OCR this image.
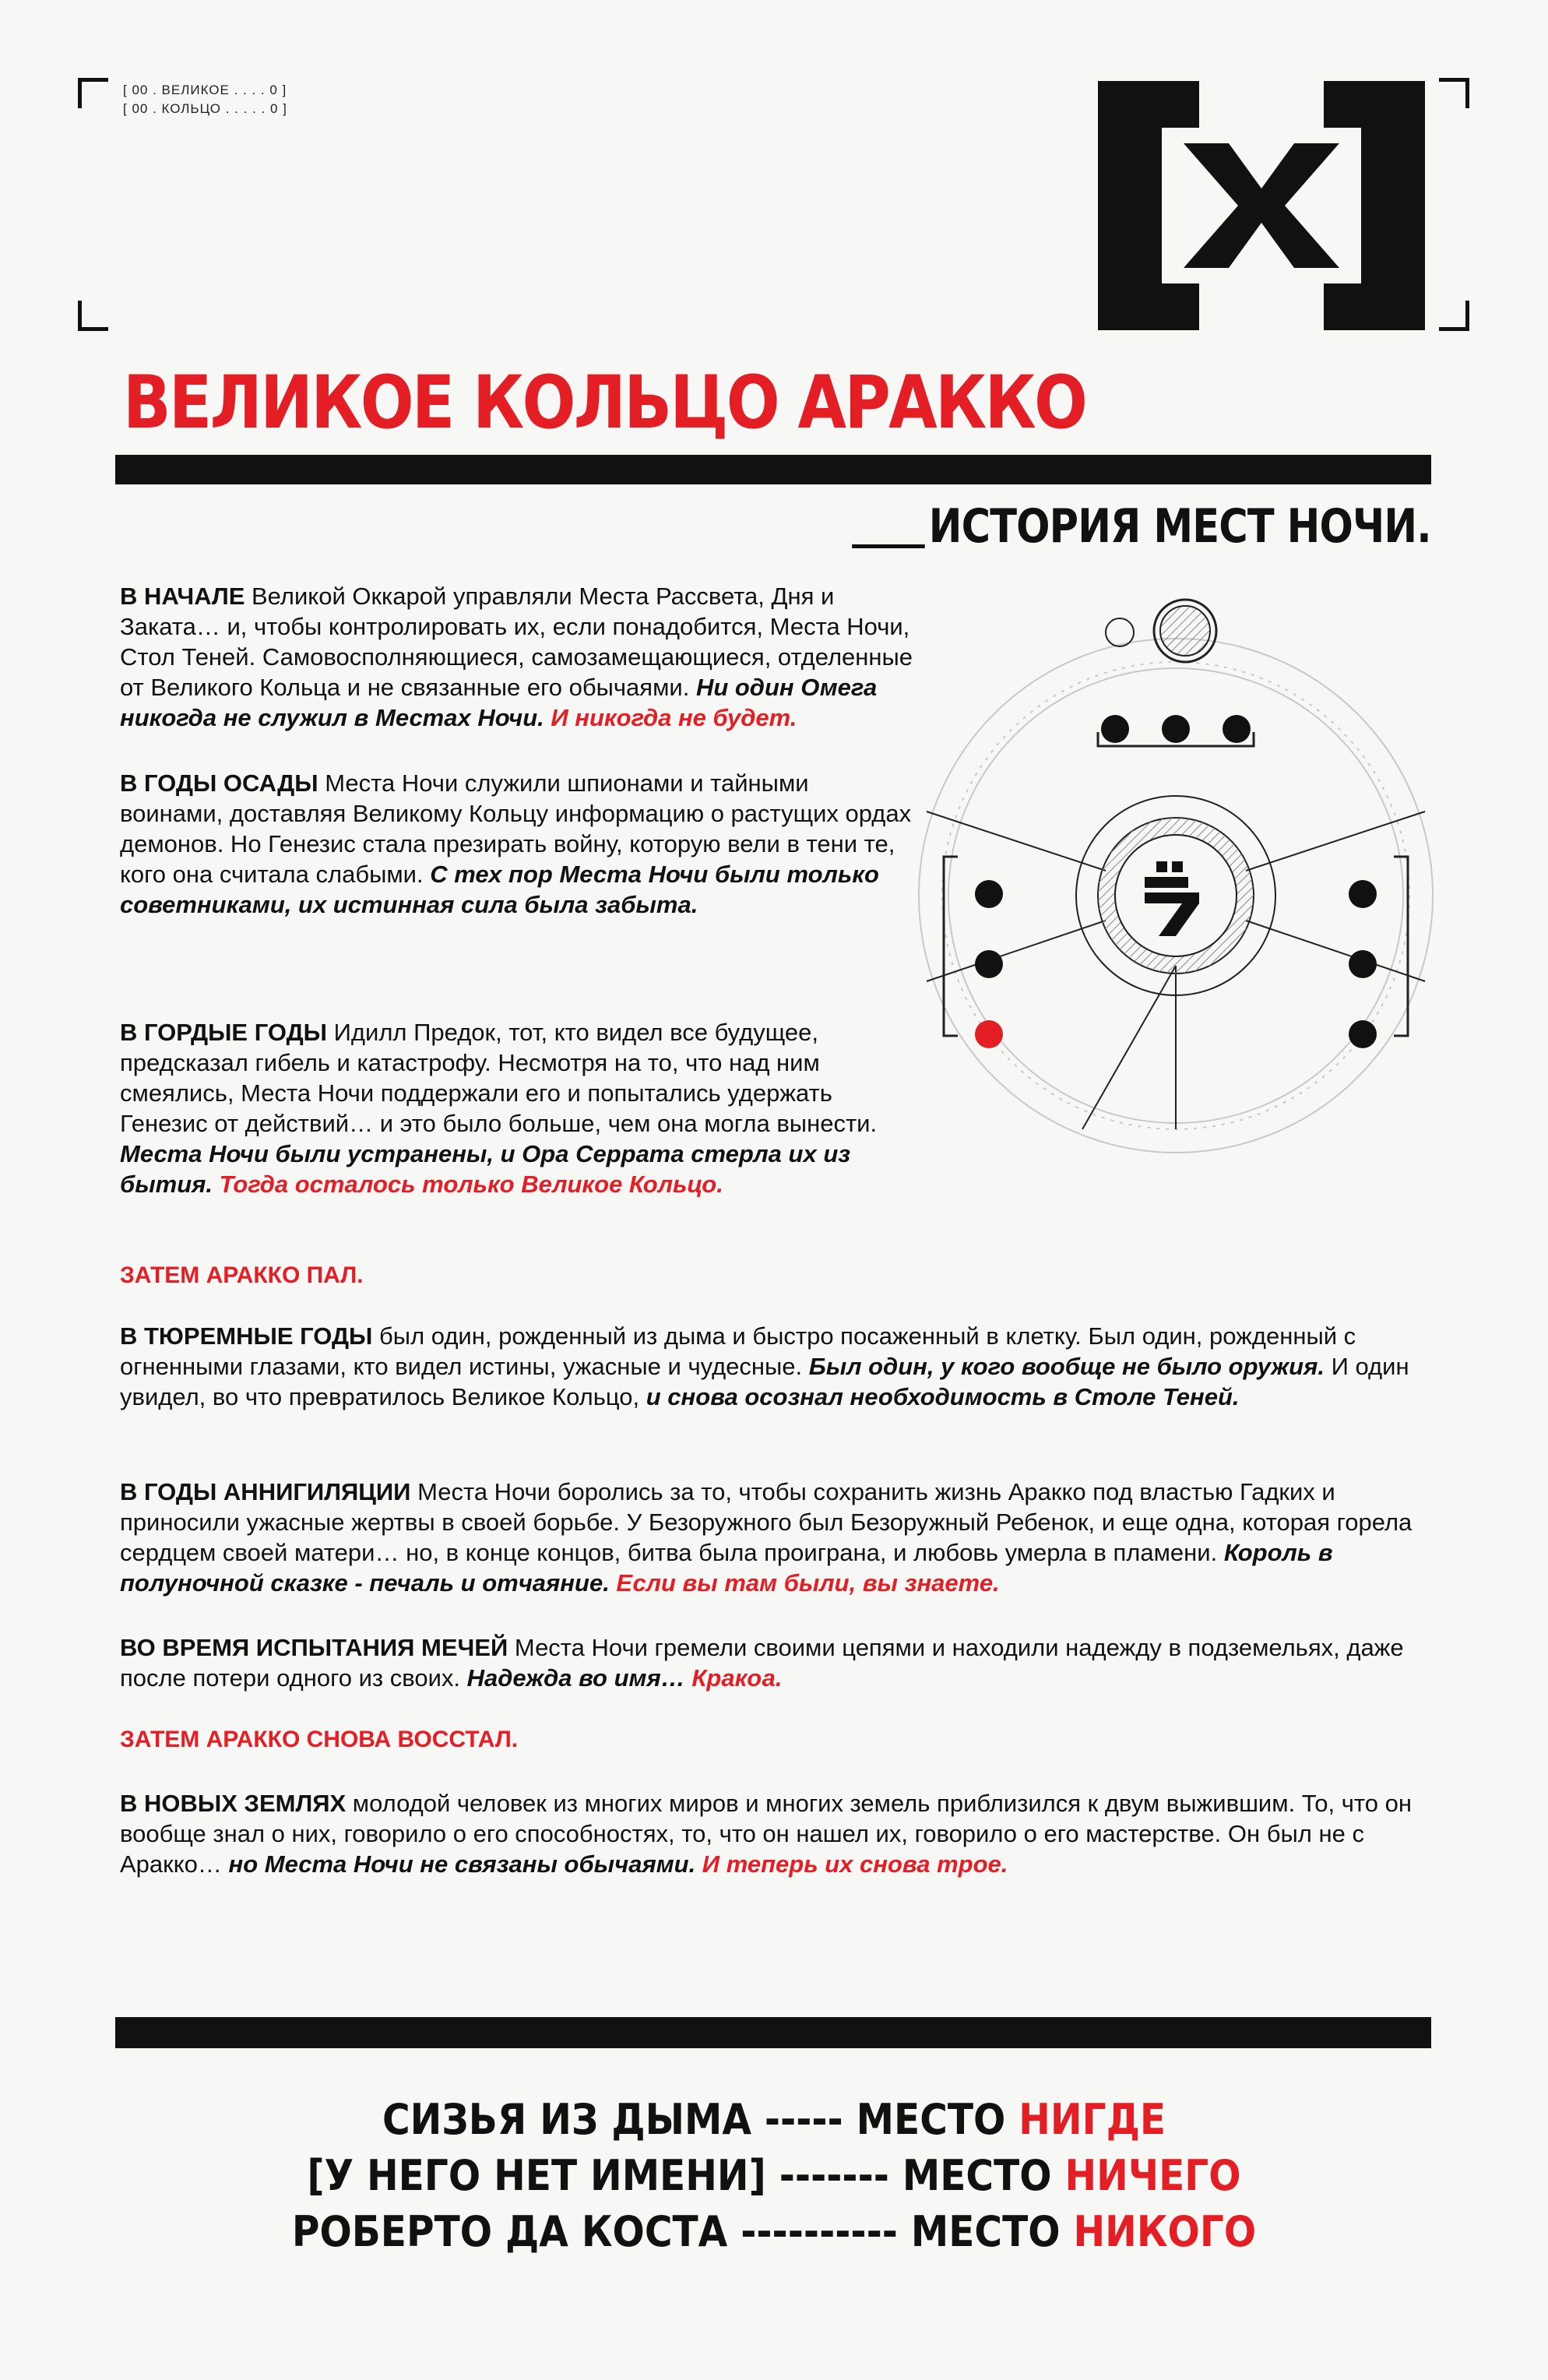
[ 00 . ВЕЛИКОЕ . . . . 0 ]
[ 00 . КОЛЬЦО . . . . . 0 ]
ВЕЛИКОЕ КОЛЬЦО АРАККО
ИСТОРИЯ МЕСТ НОЧИ.

В НАЧАЛЕ Великой Оккарой управляли Места Рассвета, Дня и Заката… и, чтобы контролировать их, если понадобится, Места Ночи, Стол Теней. Самовосполняющиеся, самозамещающиеся, отделенные от Великого Кольца и не связанные его обычаями. Ни один Омега никогда не служил в Местах Ночи. И никогда не будет.

В ГОДЫ ОСАДЫ Места Ночи служили шпионами и тайными воинами, доставляя Великому Кольцу информацию о растущих ордах демонов. Но Генезис стала презирать войну, которую вели в тени те, кого она считала слабыми. С тех пор Места Ночи были только советниками, их истинная сила была забыта.

В ГОРДЫЕ ГОДЫ Идилл Предок, тот, кто видел все будущее, предсказал гибель и катастрофу. Несмотря на то, что над ним смеялись, Места Ночи поддержали его и попытались удержать Генезис от действий… и это было больше, чем она могла вынести. Места Ночи были устранены, и Ора Серрата стерла их из бытия. Тогда осталось только Великое Кольцо.

ЗАТЕМ АРАККО ПАЛ.

В ТЮРЕМНЫЕ ГОДЫ был один, рожденный из дыма и быстро посаженный в клетку. Был один, рожденный с огненными глазами, кто видел истины, ужасные и чудесные. Был один, у кого вообще не было оружия. И один увидел, во что превратилось Великое Кольцо, и снова осознал необходимость в Столе Теней.

В ГОДЫ АННИГИЛЯЦИИ Места Ночи боролись за то, чтобы сохранить жизнь Аракко под властью Гадких и приносили ужасные жертвы в своей борьбе. У Безоружного был Безоружный Ребенок, и еще одна, которая горела сердцем своей матери… но, в конце концов, битва была проиграна, и любовь умерла в пламени. Король в полуночной сказке - печаль и отчаяние. Если вы там были, вы знаете.

ВО ВРЕМЯ ИСПЫТАНИЯ МЕЧЕЙ Места Ночи гремели своими цепями и находили надежду в подземельях, даже после потери одного из своих. Надежда во имя… Кракоа.

ЗАТЕМ АРАККО СНОВА ВОССТАЛ.

В НОВЫХ ЗЕМЛЯХ молодой человек из многих миров и многих земель приблизился к двум выжившим. То, что он вообще знал о них, говорило о его способностях, то, что он нашел их, говорило о его мастерстве. Он был не с Аракко… но Места Ночи не связаны обычаями. И теперь их снова трое.

СИЗЬЯ ИЗ ДЫМА ----- МЕСТО НИГДЕ
[У НЕГО НЕТ ИМЕНИ] ------- МЕСТО НИЧЕГО
РОБЕРТО ДА КОСТА ---------- МЕСТО НИКОГО
